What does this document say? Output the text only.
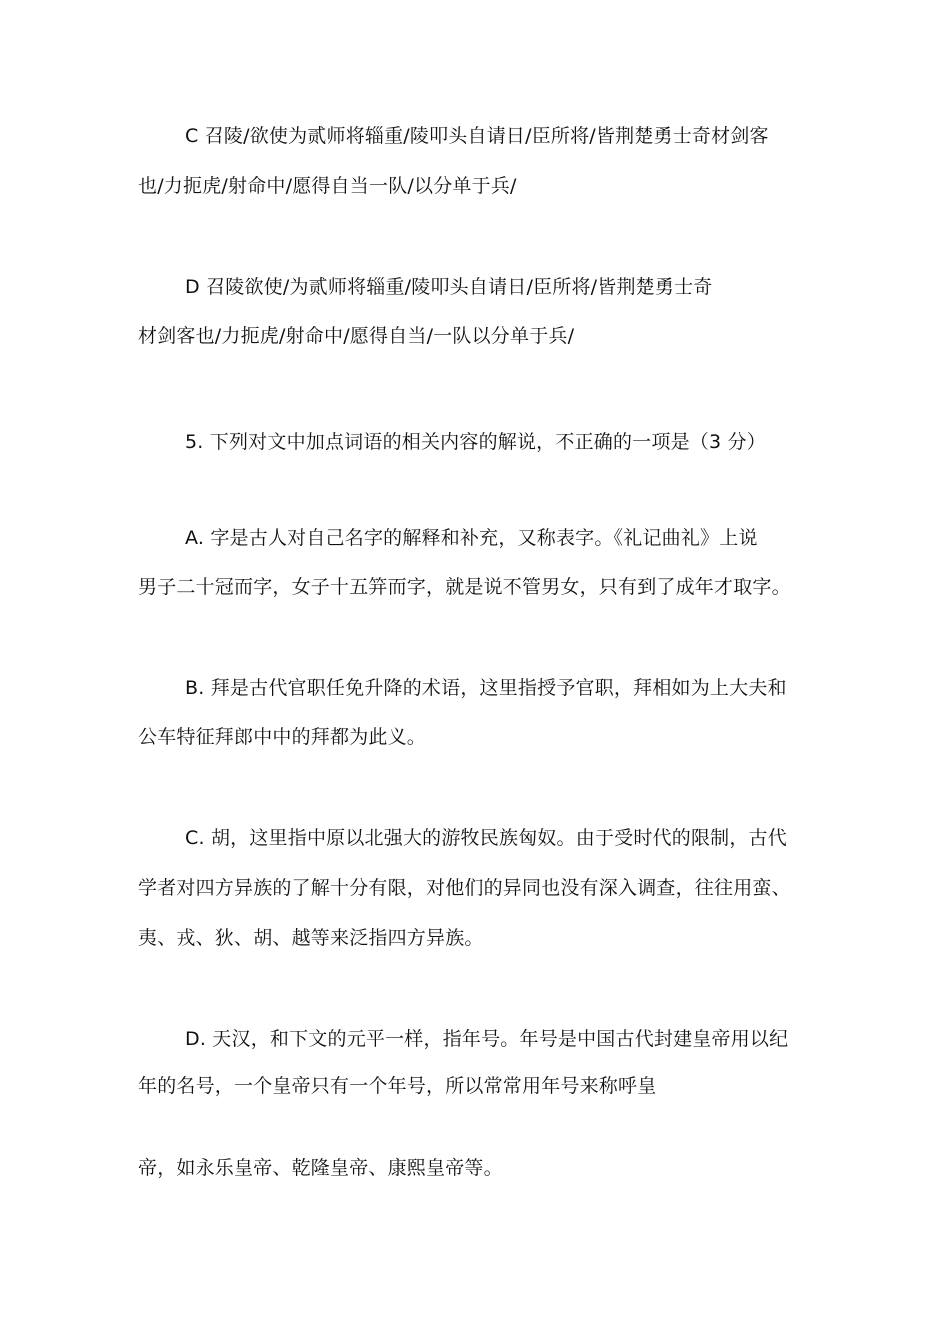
C 召陵/欲使为贰师将辎重/陵叩头自请日/臣所将/皆荆楚勇士奇材剑客
也/力扼虎/射命中/愿得自当一队/以分单于兵/
D 召陵欲使/为贰师将辎重/陵叩头自请日/臣所将/皆荆楚勇士奇
材剑客也/力扼虎/射命中/愿得自当/一队以分单于兵/
5. 下列对文中加点词语的相关内容的解说，不正确的一项是（3 分）
A. 字是古人对自己名字的解释和补充，又称表字。《礼记曲礼》上说
男子二十冠而字，女子十五笄而字，就是说不管男女，只有到了成年才取字。
B. 拜是古代官职任免升降的术语，这里指授予官职，拜相如为上大夫和
公车特征拜郎中中的拜都为此义。
C. 胡，这里指中原以北强大的游牧民族匈奴。由于受时代的限制，古代
学者对四方异族的了解十分有限，对他们的异同也没有深入调查，往往用蛮、
夷、戎、狄、胡、越等来泛指四方异族。
D. 天汉，和下文的元平一样，指年号。年号是中国古代封建皇帝用以纪
年的名号，一个皇帝只有一个年号，所以常常用年号来称呼皇
帝，如永乐皇帝、乾隆皇帝、康熙皇帝等。
